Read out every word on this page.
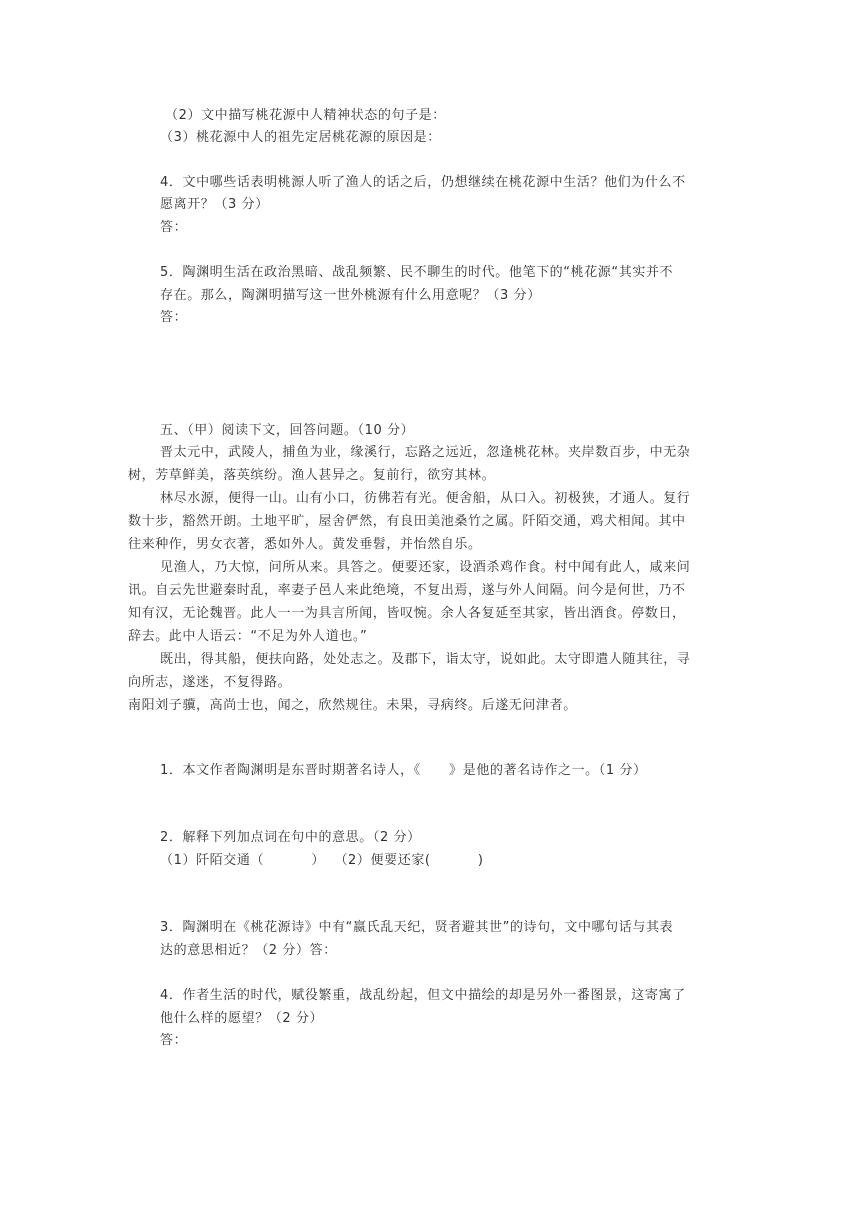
（2）文中描写桃花源中人精神状态的句子是：
（3）桃花源中人的祖先定居桃花源的原因是：
4．文中哪些话表明桃源人听了渔人的话之后，仍想继续在桃花源中生活？他们为什么不
愿离开？（3 分）
答：
5．陶渊明生活在政治黑暗、战乱频繁、民不聊生的时代。他笔下的“桃花源“其实并不
存在。那么，陶渊明描写这一世外桃源有什么用意呢？（3 分）
答：
五、（甲）阅读下文，回答问题。（10 分）
晋太元中，武陵人，捕鱼为业，缘溪行，忘路之远近，忽逢桃花林。夹岸数百步，中无杂
树，芳草鲜美，落英缤纷。渔人甚异之。复前行，欲穷其林。
林尽水源，便得一山。山有小口，彷佛若有光。便舍船，从口入。初极狭，才通人。复行
数十步，豁然开朗。土地平旷，屋舍俨然，有良田美池桑竹之属。阡陌交通，鸡犬相闻。其中
往来种作，男女衣著，悉如外人。黄发垂髫，并怡然自乐。
见渔人，乃大惊，问所从来。具答之。便要还家，设酒杀鸡作食。村中闻有此人，咸来问
讯。自云先世避秦时乱，率妻子邑人来此绝境，不复出焉，遂与外人间隔。问今是何世，乃不
知有汉，无论魏晋。此人一一为具言所闻，皆叹惋。余人各复延至其家，皆出酒食。停数日，
辞去。此中人语云：“不足为外人道也。”
既出，得其船，便扶向路，处处志之。及郡下，诣太守，说如此。太守即遣人随其往，寻
向所志，遂迷，不复得路。
南阳刘子骥，高尚士也，闻之，欣然规往。未果，寻病终。后遂无问津者。
1．本文作者陶渊明是东晋时期著名诗人，《      》是他的著名诗作之一。（1 分）
2．解释下列加点词在句中的意思。（2 分）
（1）阡陌交通（          ）  （2）便要还家(          )
3．陶渊明在《桃花源诗》中有“嬴氏乱天纪，贤者避其世”的诗句，文中哪句话与其表
达的意思相近？（2 分）答：
4．作者生活的时代，赋役繁重，战乱纷起，但文中描绘的却是另外一番图景，这寄寓了
他什么样的愿望？（2 分）
答：
